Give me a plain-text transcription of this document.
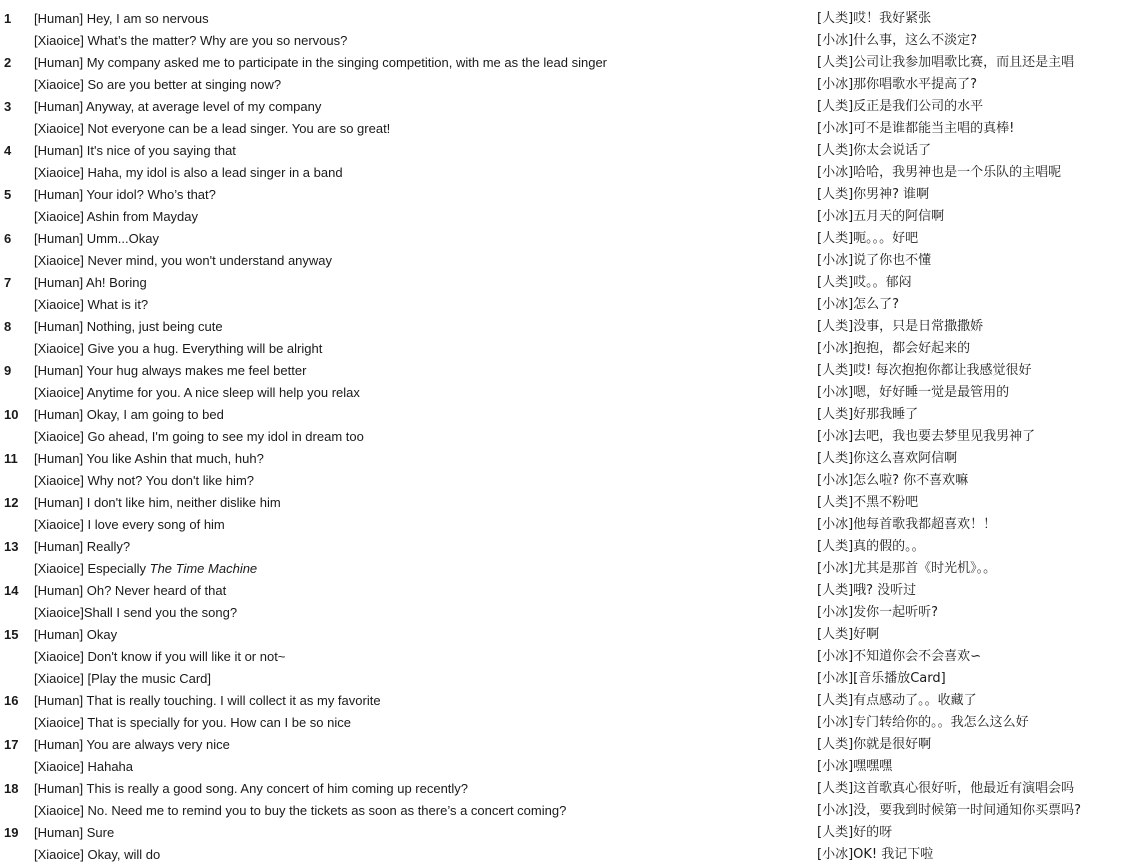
1	[Human] Hey, I am so nervous	[人类]哎！我好紧张
[Xiaoice] What’s the matter? Why are you so nervous?	[小冰]什么事，这么不淡定?
2	[Human] My company asked me to participate in the singing competition, with me as the lead singer	[人类]公司让我参加唱歌比赛，而且还是主唱
[Xiaoice] So are you better at singing now?	[小冰]那你唱歌水平提高了?
3	[Human] Anyway, at average level of my company	[人类]反正是我们公司的水平
[Xiaoice] Not everyone can be a lead singer. You are so great!	[小冰]可不是谁都能当主唱的真棒!
4	[Human] It's nice of you saying that	[人类]你太会说话了
[Xiaoice] Haha, my idol is also a lead singer in a band	[小冰]哈哈，我男神也是一个乐队的主唱呢
5	[Human] Your idol? Who’s that?	[人类]你男神? 谁啊
[Xiaoice] Ashin from Mayday	[小冰]五月天的阿信啊
6	[Human] Umm...Okay	[人类]呃。。。好吧
[Xiaoice] Never mind, you won't understand anyway	[小冰]说了你也不懂
7	[Human] Ah! Boring	[人类]哎。。郁闷
[Xiaoice] What is it?	[小冰]怎么了?
8	[Human] Nothing, just being cute	[人类]没事，只是日常撒撒娇
[Xiaoice] Give you a hug. Everything will be alright	[小冰]抱抱，都会好起来的
9	[Human] Your hug always makes me feel better	[人类]哎! 每次抱抱你都让我感觉很好
[Xiaoice] Anytime for you. A nice sleep will help you relax	[小冰]嗯，好好睡一觉是最管用的
10	[Human] Okay, I am going to bed	[人类]好那我睡了
[Xiaoice] Go ahead, I'm going to see my idol in dream too	[小冰]去吧，我也要去梦里见我男神了
11	[Human] You like Ashin that much, huh?	[人类]你这么喜欢阿信啊
[Xiaoice] Why not? You don't like him?	[小冰]怎么啦? 你不喜欢嘛
12	[Human] I don't like him, neither dislike him	[人类]不黑不粉吧
[Xiaoice] I love every song of him	[小冰]他每首歌我都超喜欢！！
13	[Human] Really?	[人类]真的假的。。
[Xiaoice] Especially The Time Machine	[小冰]尤其是那首《时光机》。。
14	[Human] Oh? Never heard of that	[人类]哦? 没听过
[Xiaoice]Shall I send you the song?	[小冰]发你一起听听?
15	[Human] Okay	[人类]好啊
[Xiaoice] Don't know if you will like it or not~	[小冰]不知道你会不会喜欢∽
[Xiaoice] [Play the music Card]	[小冰][音乐播放Card]
16	[Human] That is really touching. I will collect it as my favorite	[人类]有点感动了。。收藏了
[Xiaoice] That is specially for you. How can I be so nice	[小冰]专门转给你的。。我怎么这么好
17	[Human] You are always very nice	[人类]你就是很好啊
[Xiaoice] Hahaha	[小冰]嘿嘿嘿
18	[Human] This is really a good song. Any concert of him coming up recently?	[人类]这首歌真心很好听，他最近有演唱会吗
[Xiaoice] No. Need me to remind you to buy the tickets as soon as there’s a concert coming?	[小冰]没，要我到时候第一时间通知你买票吗?
19	[Human] Sure	[人类]好的呀
[Xiaoice] Okay, will do	[小冰]OK! 我记下啦
